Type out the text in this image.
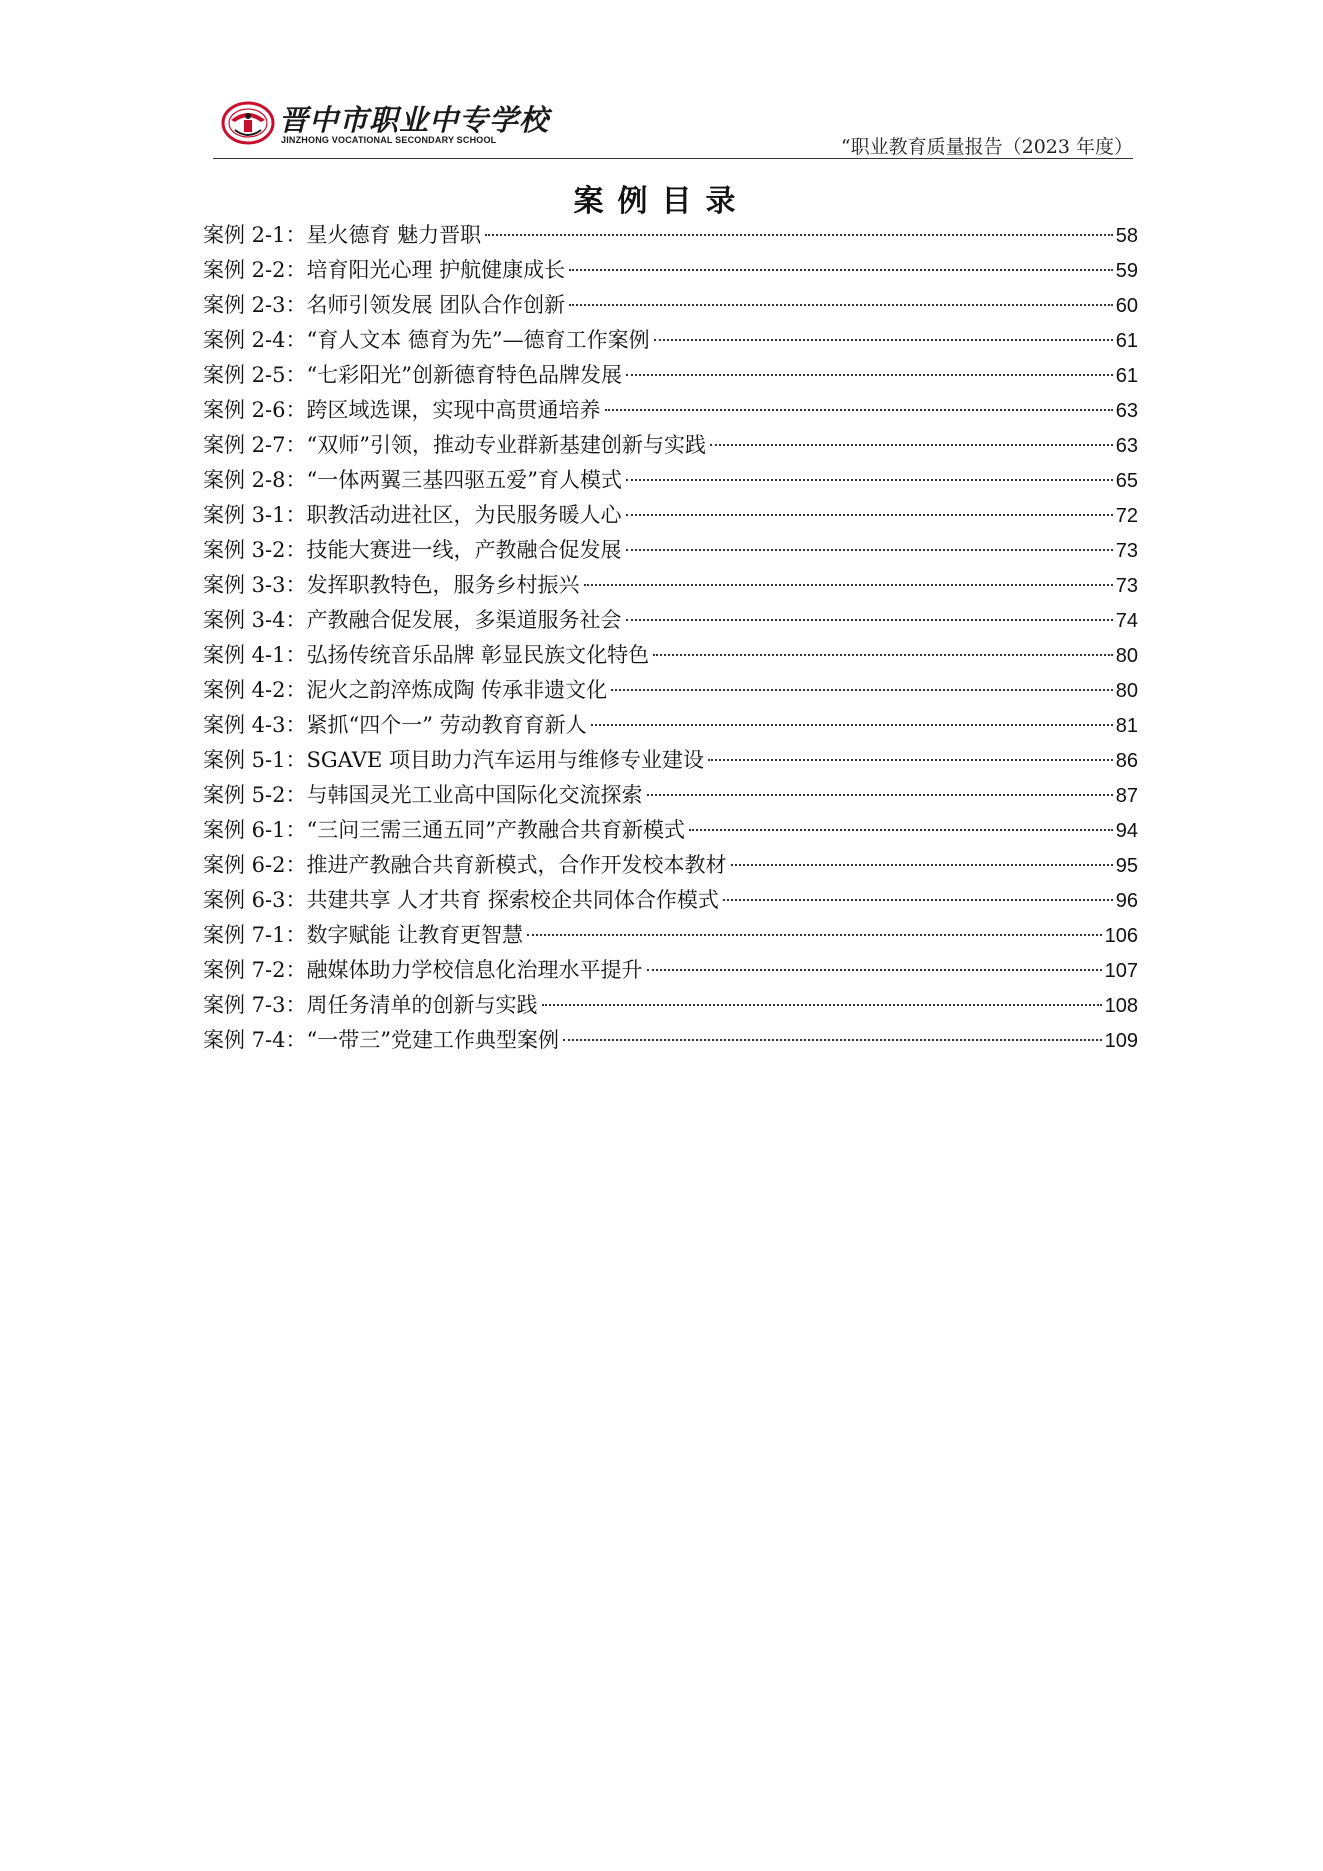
晋中市职业中专学校
JINZHONG VOCATIONAL SECONDARY SCHOOL	“职业教育质量报告（2023 年度）
案例目录
案例 2-1：星火德育 魅力晋职	58
案例 2-2：培育阳光心理 护航健康成长	59
案例 2-3：名师引领发展 团队合作创新	60
案例 2-4：“育人文本 德育为先”—德育工作案例	61
案例 2-5：“七彩阳光”创新德育特色品牌发展	61
案例 2-6：跨区域选课，实现中高贯通培养	63
案例 2-7：“双师”引领，推动专业群新基建创新与实践	63
案例 2-8：“一体两翼三基四驱五爱”育人模式	65
案例 3-1：职教活动进社区，为民服务暖人心	72
案例 3-2：技能大赛进一线，产教融合促发展	73
案例 3-3：发挥职教特色，服务乡村振兴	73
案例 3-4：产教融合促发展，多渠道服务社会	74
案例 4-1：弘扬传统音乐品牌 彰显民族文化特色	80
案例 4-2：泥火之韵淬炼成陶 传承非遗文化	80
案例 4-3：紧抓“四个一” 劳动教育育新人	81
案例 5-1：SGAVE 项目助力汽车运用与维修专业建设	86
案例 5-2：与韩国灵光工业高中国际化交流探索	87
案例 6-1：“三问三需三通五同”产教融合共育新模式	94
案例 6-2：推进产教融合共育新模式，合作开发校本教材	95
案例 6-3：共建共享 人才共育 探索校企共同体合作模式	96
案例 7-1：数字赋能 让教育更智慧	106
案例 7-2：融媒体助力学校信息化治理水平提升	107
案例 7-3：周任务清单的创新与实践	108
案例 7-4：“一带三”党建工作典型案例	109
